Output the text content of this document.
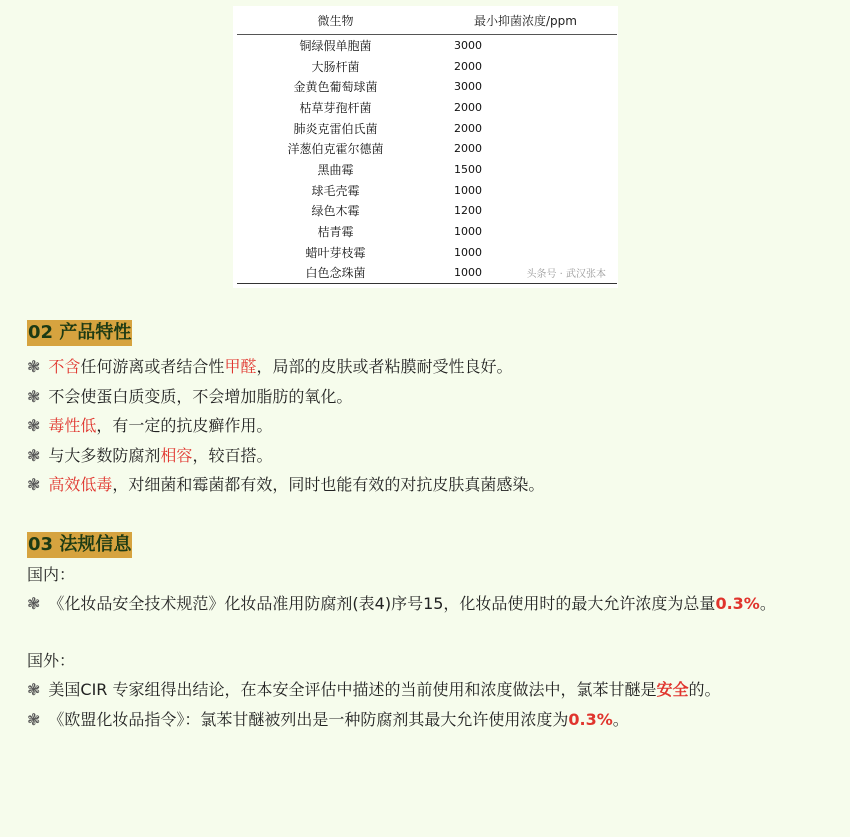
微生物	最小抑菌浓度/ppm
铜绿假单胞菌	3000
大肠杆菌	2000
金黄色葡萄球菌	3000
枯草芽孢杆菌	2000
肺炎克雷伯氏菌	2000
洋葱伯克霍尔德菌	2000
黑曲霉	1500
球毛壳霉	1000
绿色木霉	1200
桔青霉	1000
蜡叶芽枝霉	1000
白色念珠菌	1000	头条号 · 武汉张本
02 产品特性
❃ 不含任何游离或者结合性甲醛，局部的皮肤或者粘膜耐受性良好。
❃ 不会使蛋白质变质，不会增加脂肪的氧化。
❃ 毒性低，有一定的抗皮癣作用。
❃ 与大多数防腐剂相容，较百搭。
❃ 高效低毒，对细菌和霉菌都有效，同时也能有效的对抗皮肤真菌感染。
03 法规信息
国内：
❃ 《化妆品安全技术规范》化妆品准用防腐剂(表4)序号15，化妆品使用时的最大允许浓度为总量0.3%。
国外：
❃ 美国CIR 专家组得出结论，在本安全评估中描述的当前使用和浓度做法中，氯苯甘醚是安全的。
❃ 《欧盟化妆品指令》：氯苯甘醚被列出是一种防腐剂其最大允许使用浓度为0.3%。
